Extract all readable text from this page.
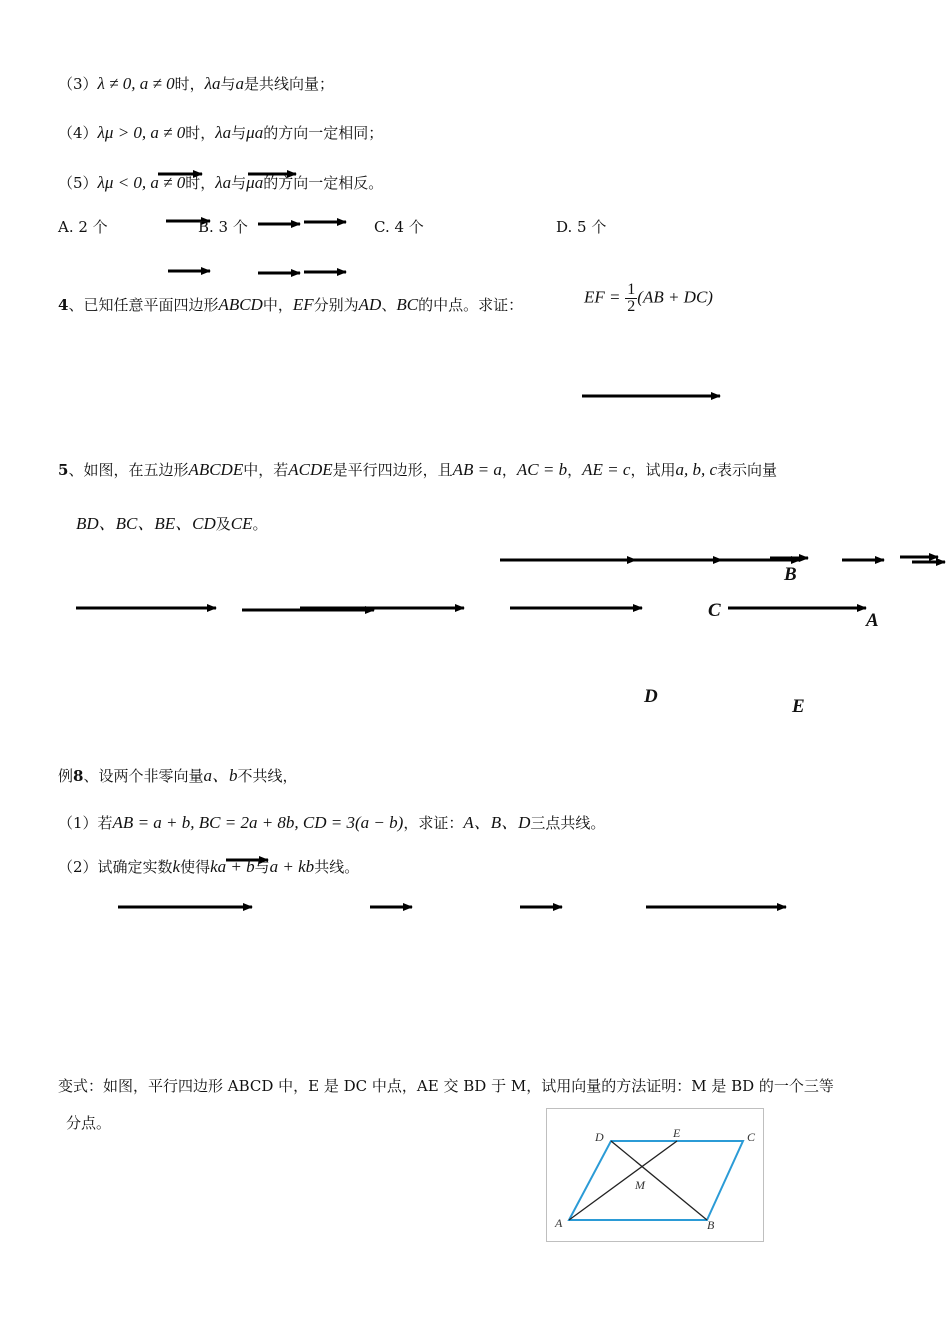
（3）λ ≠ 0, a ≠ 0时，λa与a是共线向量；
（4）λμ > 0, a ≠ 0时，λa与μa的方向一定相同；
（5）λμ < 0, a ≠ 0时，λa与μa的方向一定相反。
A. 2 个	B. 3 个	C. 4 个	D. 5 个
4、已知任意平面四边形ABCD中，EF分别为AD、BC的中点。求证：	EF = $\frac{1}{2} (AB + DC)$
5、如图，在五边形ABCDE中，若ACDE是平行四边形，且AB = a，AC = b，AE = c，试用a, b, c表示向量
BD、BC、BE、CD及CE。
B
C	A
D	E
例8、设两个非零向量a、b不共线，
（1）若AB = a + b, BC = 2a + 8b, CD = 3(a − b)，求证：A、B、D三点共线。
（2）试确定实数k使得ka + b与a + kb共线。
变式：如图，平行四边形 ABCD 中，E 是 DC 中点，AE 交 BD 于 M，试用向量的方法证明：M 是 BD 的一个三等
分点。
D	E	C
M
A	B
